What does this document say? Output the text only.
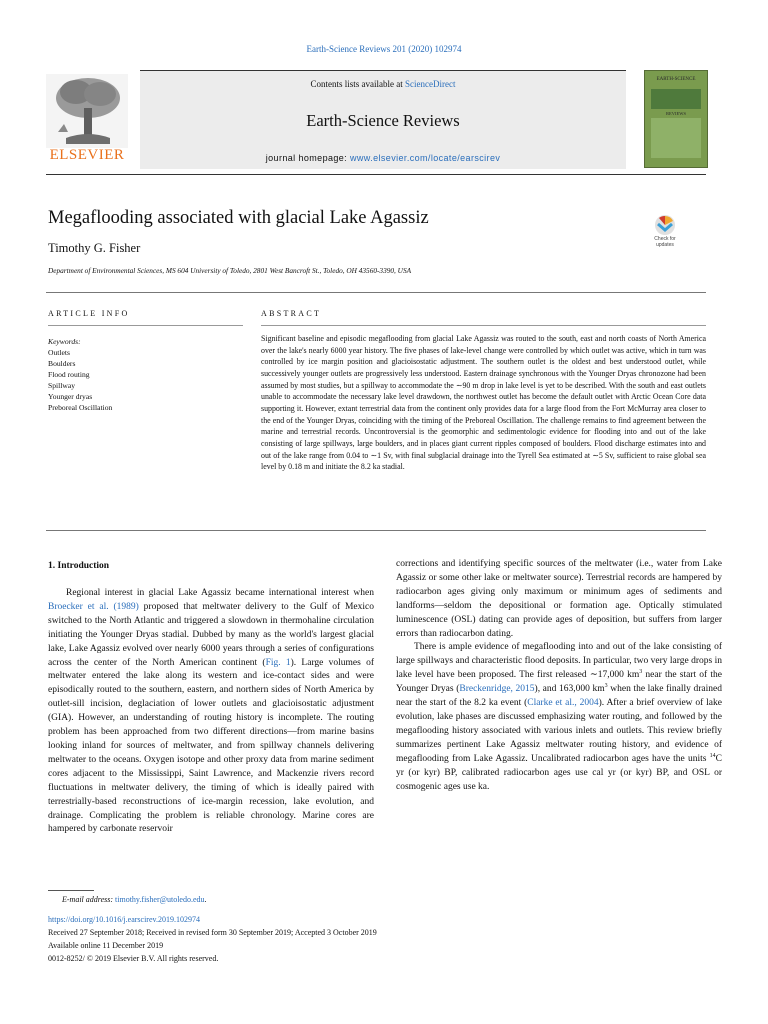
Earth-Science Reviews 201 (2020) 102974
ELSEVIER
Contents lists available at ScienceDirect
Earth-Science Reviews
journal homepage: www.elsevier.com/locate/earscirev
EARTH-SCIENCE
REVIEWS
Megaflooding associated with glacial Lake Agassiz
Timothy G. Fisher
Department of Environmental Sciences, MS 604 University of Toledo, 2801 West Bancroft St., Toledo, OH 43560-3390, USA
Check for
updates
ARTICLE INFO	ABSTRACT
Keywords:
Outlets
Boulders
Flood routing
Spillway
Younger dryas
Preboreal Oscillation
Significant baseline and episodic megaflooding from glacial Lake Agassiz was routed to the south, east and north coasts of North America over the lake's nearly 6000 year history. The five phases of lake-level change were controlled by which outlet was active, which in turn was controlled by ice margin position and glacioisostatic adjustment. The southern outlet is the oldest and best understood outlet, while successively younger outlets are progressively less understood. Eastern drainage synchronous with the Younger Dryas chronozone had been assumed by most studies, but a spillway to accommodate the ∼90 m drop in lake level is yet to be described. With the south and east outlets unable to accommodate the necessary lake level drawdown, the northwest outlet has become the default outlet with Arctic Ocean Core data supporting it. However, extant terrestrial data from the continent only provides data for a large flood from the Fort McMurray area closer to the end of the Younger Dryas, coinciding with the timing of the Preboreal Oscillation. The challenge remains to find agreement between the marine and terrestrial records. Uncontroversial is the geomorphic and sedimentologic evidence for flooding into and out of the lake consisting of large spillways, large boulders, and in places giant current ripples composed of boulders. Flood discharge estimates into and out of the lake range from 0.04 to ∼1 Sv, with final subglacial drainage into the Tyrell Sea estimated at ∼5 Sv, sufficient to raise global sea level by 0.18 m and initiate the 8.2 ka stadial.
1. Introduction

Regional interest in glacial Lake Agassiz became international interest when Broecker et al. (1989) proposed that meltwater delivery to the Gulf of Mexico switched to the North Atlantic and triggered a slowdown in thermohaline circulation initiating the Younger Dryas stadial. Dubbed by many as the world's largest glacial lake, Lake Agassiz evolved over nearly 6000 years through a series of configurations across the center of the North American continent (Fig. 1). Large volumes of meltwater entered the lake along its western and ice-contact sides and were episodically routed to the southern, eastern, and northern sides of North America by outlet-sill incision, deglaciation of lower outlets and glacioisostatic adjustment (GIA). However, an understanding of routing history is incomplete. The routing problem has been approached from two different directions—from marine basins looking inland for sources of meltwater, and from spillway channels delivering meltwater to the oceans. Oxygen isotope and other proxy data from marine sediment cores adjacent to the Mississippi, Saint Lawrence, and Mackenzie rivers record fluctuations in meltwater delivery, the timing of which is ideally paired with terrestrially-based reconstructions of ice-margin recession, lake evolution, and drainage. Complicating the problem is reliable chronology. Marine cores are hampered by carbonate reservoir

corrections and identifying specific sources of the meltwater (i.e., water from Lake Agassiz or some other lake or meltwater source). Terrestrial records are hampered by radiocarbon ages giving only maximum or minimum ages of sediments and landforms—seldom the depositional or formation age. Optically stimulated luminescence (OSL) dating can provide ages of deposition, but suffers from larger errors than radiocarbon dating.

There is ample evidence of megaflooding into and out of the lake consisting of large spillways and characteristic flood deposits. In particular, two very large drops in lake level have been proposed. The first released ∼17,000 $km^3$ near the start of the Younger Dryas (Breckenridge, 2015), and 163,000 $km^3$ when the lake finally drained near the start of the 8.2 ka event (Clarke et al., 2004). After a brief overview of lake evolution, lake phases are discussed emphasizing water routing, and followed by the megaflooding history associated with various inlets and outlets. This review briefly summarizes pertinent Lake Agassiz meltwater routing history, and evidence of megaflooding from Lake Agassiz. Uncalibrated radiocarbon ages have the units $^{14}$C yr (or kyr) BP, calibrated radiocarbon ages use cal yr (or kyr) BP, and OSL or cosmogenic ages use ka.

E-mail address: timothy.fisher@utoledo.edu.
https://doi.org/10.1016/j.earscirev.2019.102974
Received 27 September 2018; Received in revised form 30 September 2019; Accepted 3 October 2019
Available online 11 December 2019
0012-8252/ © 2019 Elsevier B.V. All rights reserved.
